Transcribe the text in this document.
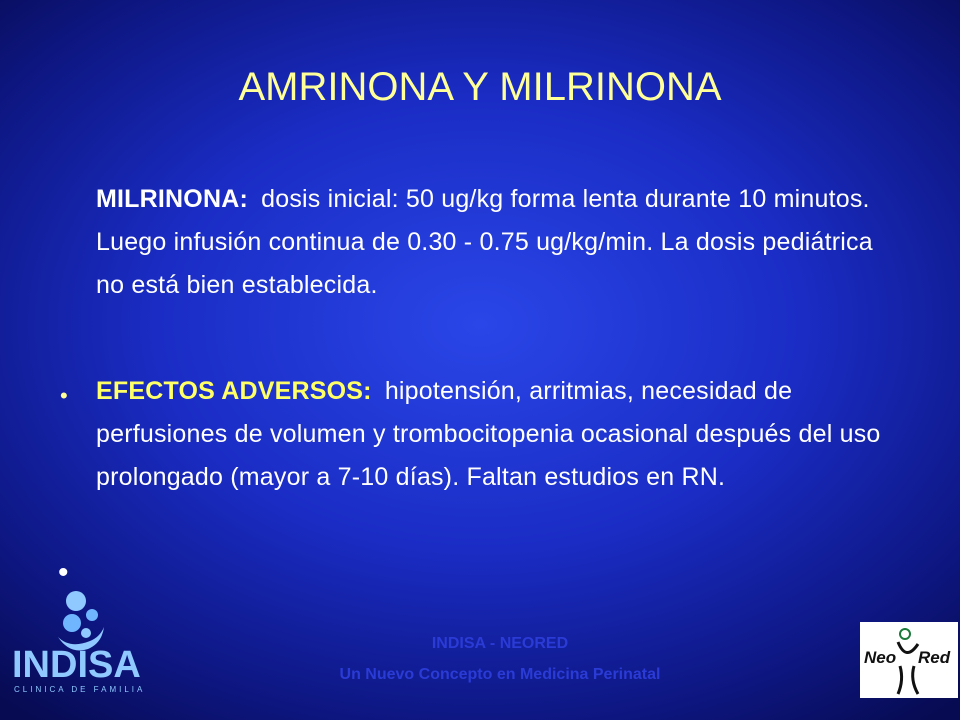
AMRINONA Y MILRINONA
MILRINONA: dosis inicial: 50 ug/kg forma lenta durante 10 minutos. Luego infusión continua de 0.30 - 0.75 ug/kg/min. La dosis pediátrica no está bien establecida.
• EFECTOS ADVERSOS: hipotensión, arritmias, necesidad de perfusiones de volumen y trombocitopenia ocasional después del uso prolongado (mayor a 7-10 días). Faltan estudios en RN.
•
INDISA
CLINICA DE FAMILIA
INDISA - NEORED
Un Nuevo Concepto en Medicina Perinatal
Neo Red
